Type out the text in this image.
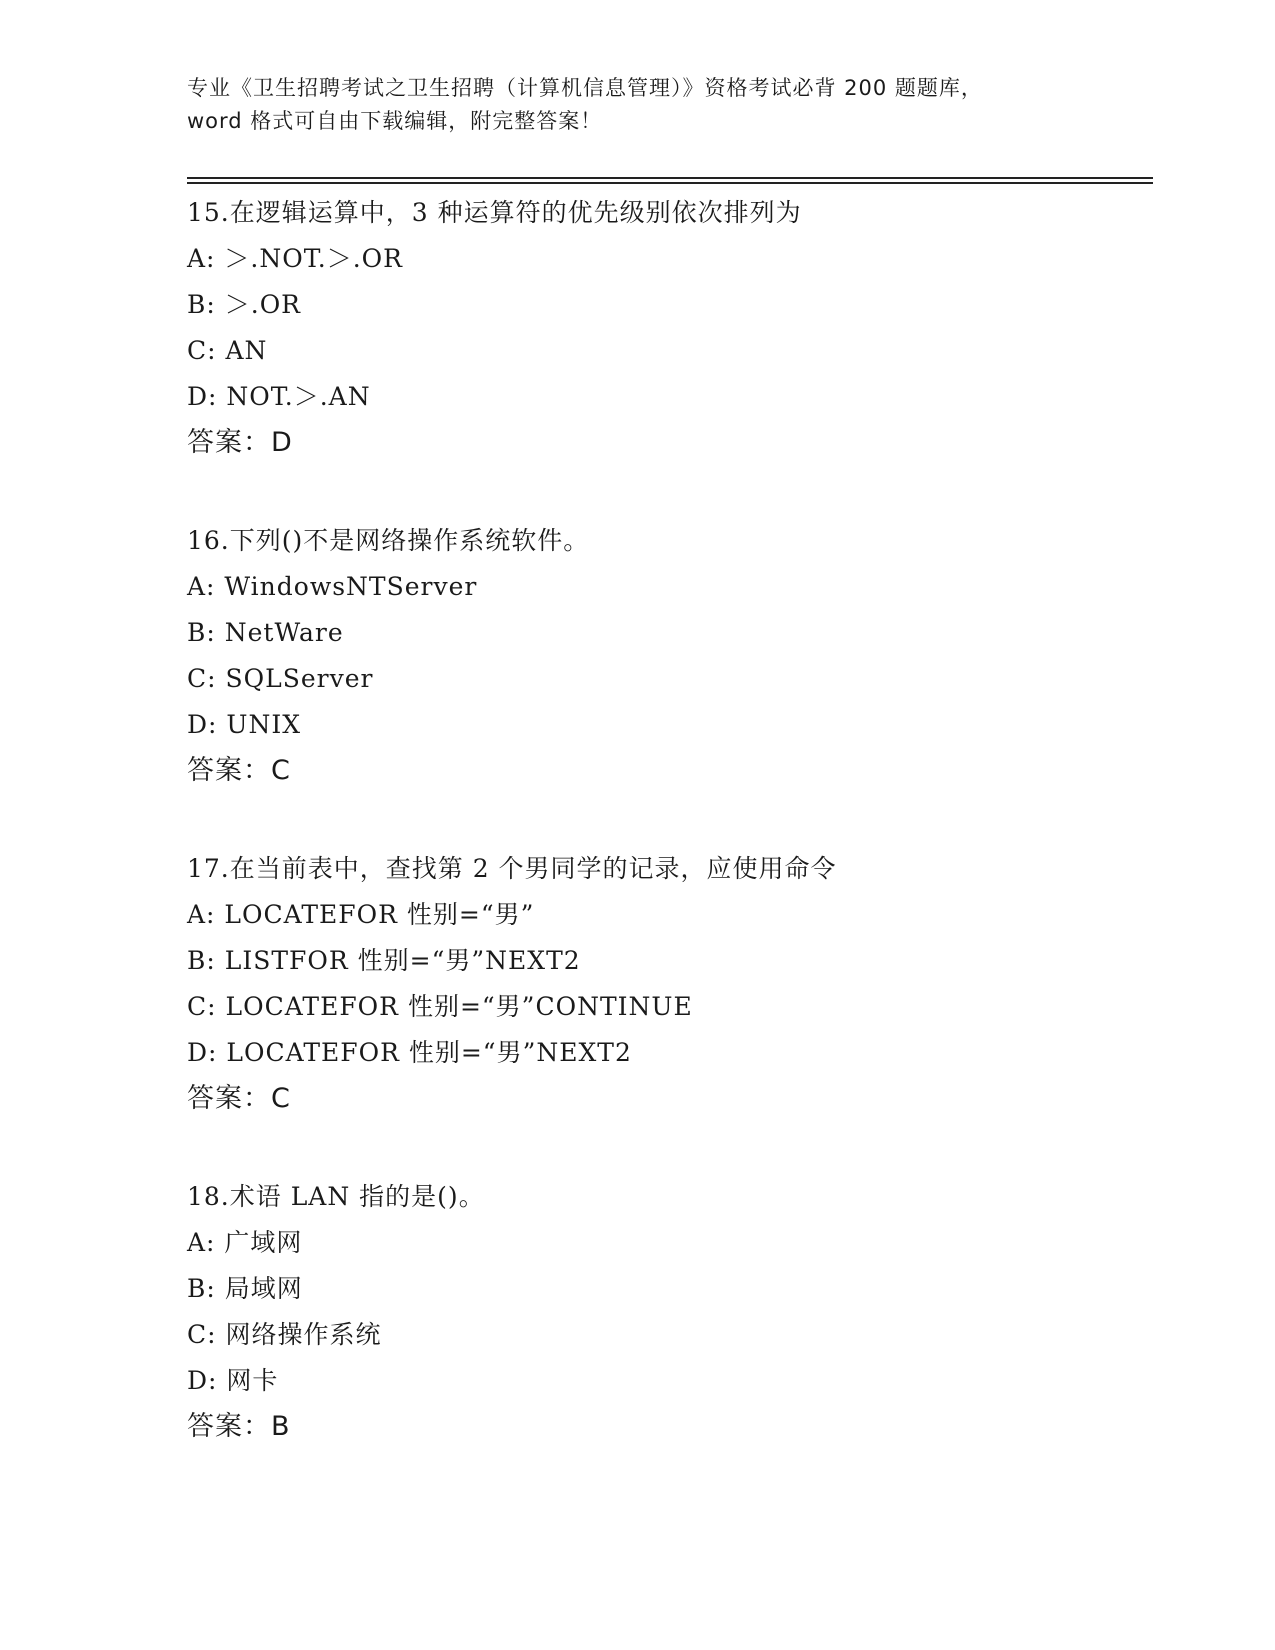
专业《卫生招聘考试之卫生招聘（计算机信息管理）》资格考试必背 200 题题库，
word 格式可自由下载编辑，附完整答案！
15.在逻辑运算中，3 种运算符的优先级别依次排列为
A: ＞.NOT.＞.OR
B: ＞.OR
C: AN
D: NOT.＞.AN
答案：D
16.下列()不是网络操作系统软件。
A: WindowsNTServer
B: NetWare
C: SQLServer
D: UNIX
答案：C
17.在当前表中，查找第 2 个男同学的记录，应使用命令
A: LOCATEFOR 性别=“男”
B: LISTFOR 性别=“男”NEXT2
C: LOCATEFOR 性别=“男”CONTINUE
D: LOCATEFOR 性别=“男”NEXT2
答案：C
18.术语 LAN 指的是()。
A: 广域网
B: 局域网
C: 网络操作系统
D: 网卡
答案：B
